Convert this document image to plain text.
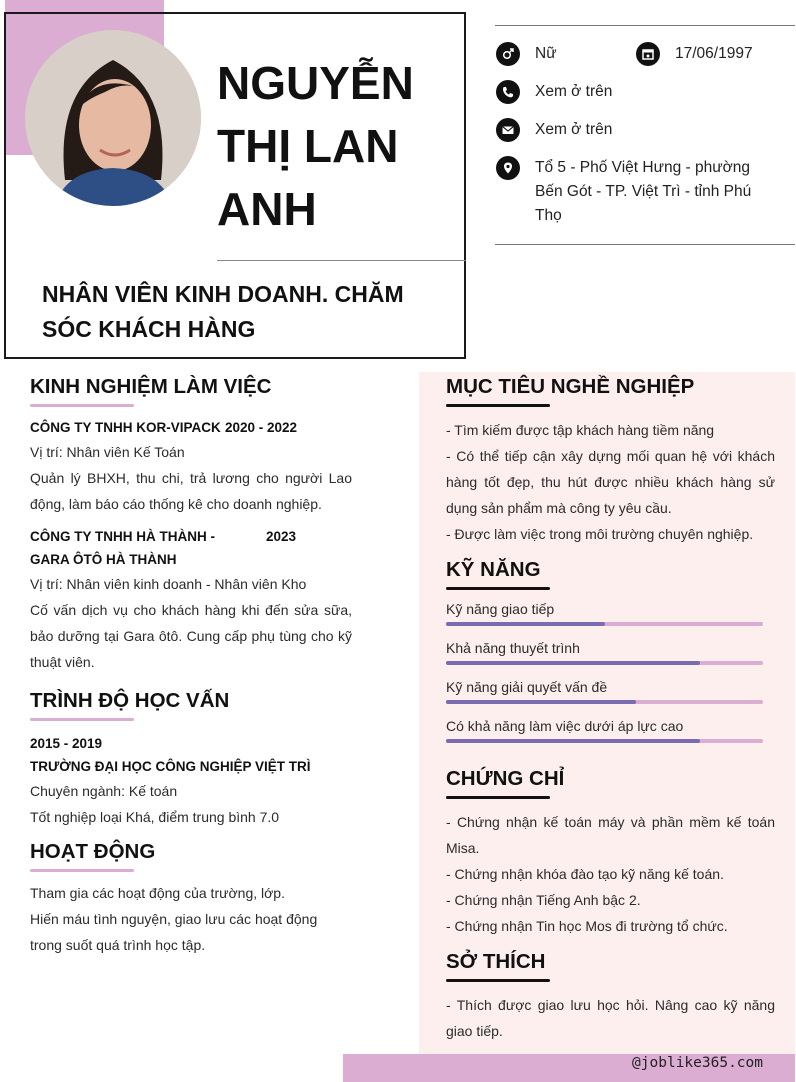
NGUYỄN THỊ LAN ANH
NHÂN VIÊN KINH DOANH. CHĂM SÓC KHÁCH HÀNG
Nữ	17/06/1997
Xem ở trên
Xem ở trên
Tổ 5 - Phố Việt Hưng - phường Bến Gót - TP. Việt Trì - tỉnh Phú Thọ
KINH NGHIỆM LÀM VIỆC
CÔNG TY TNHH KOR-VIPACK 2020 - 2022
Vị trí: Nhân viên Kế Toán
Quản lý BHXH, thu chi, trả lương cho người Lao động, làm báo cáo thống kê cho doanh nghiệp.
CÔNG TY TNHH HÀ THÀNH - GARA ÔTÔ HÀ THÀNH
2023
Vị trí: Nhân viên kinh doanh - Nhân viên Kho
Cố vấn dịch vụ cho khách hàng khi đến sửa sữa, bảo dưỡng tại Gara ôtô. Cung cấp phụ tùng cho kỹ thuật viên.
TRÌNH ĐỘ HỌC VẤN
2015 - 2019
TRƯỜNG ĐẠI HỌC CÔNG NGHIỆP VIỆT TRÌ
Chuyên ngành: Kế toán
Tốt nghiệp loại Khá, điểm trung bình 7.0
HOẠT ĐỘNG
Tham gia các hoạt động của trường, lớp.
Hiến máu tình nguyện, giao lưu các hoạt động trong suốt quá trình học tập.
MỤC TIÊU NGHỀ NGHIỆP
- Tìm kiếm được tập khách hàng tiềm năng
- Có thể tiếp cận xây dựng mối quan hệ với khách hàng tốt đẹp, thu hút được nhiều khách hàng sử dụng sản phẩm mà công ty yêu cầu.
- Được làm việc trong môi trường chuyên nghiệp.
KỸ NĂNG
Kỹ năng giao tiếp
Khả năng thuyết trình
Kỹ năng giải quyết vấn đề
Có khả năng làm việc dưới áp lực cao
CHỨNG CHỈ
- Chứng nhận kế toán máy và phần mềm kế toán Misa.
- Chứng nhận khóa đào tạo kỹ năng kế toán.
- Chứng nhận Tiếng Anh bậc 2.
- Chứng nhận Tin học Mos đi trường tổ chức.
SỞ THÍCH
- Thích được giao lưu học hỏi. Nâng cao kỹ năng giao tiếp.
@joblike365.com
